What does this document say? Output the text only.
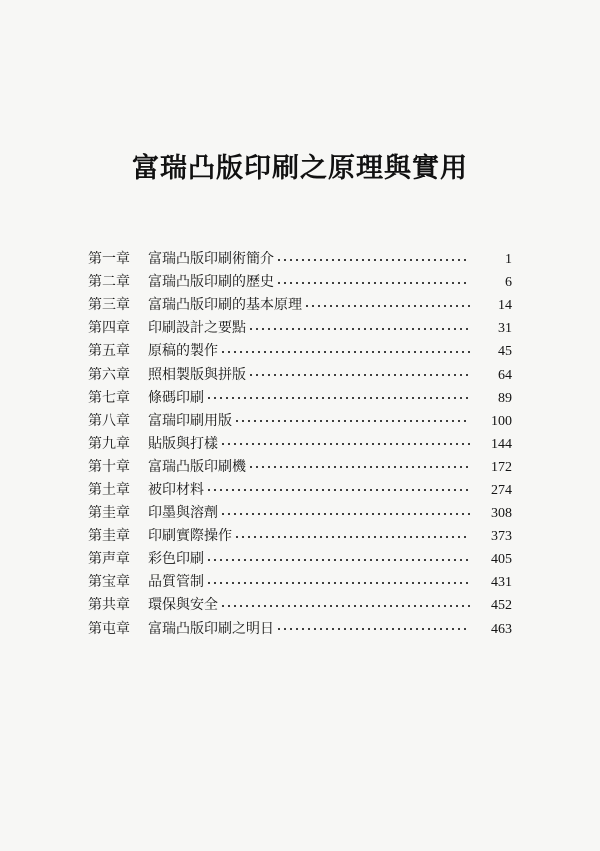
富瑞凸版印刷之原理與實用
第一章	富瑞凸版印刷術簡介	1
第二章	富瑞凸版印刷的歷史	6
第三章	富瑞凸版印刷的基本原理	14
第四章	印刷設計之要點	31
第五章	原稿的製作	45
第六章	照相製版與拼版	64
第七章	條碼印刷	89
第八章	富瑞印刷用版	100
第九章	貼版與打樣	144
第十章	富瑞凸版印刷機	172
第土章	被印材料	274
第圭章	印墨與溶劑	308
第圭章	印刷實際操作	373
第声章	彩色印刷	405
第宝章	品質管制	431
第共章	環保與安全	452
第屯章	富瑞凸版印刷之明日	463
